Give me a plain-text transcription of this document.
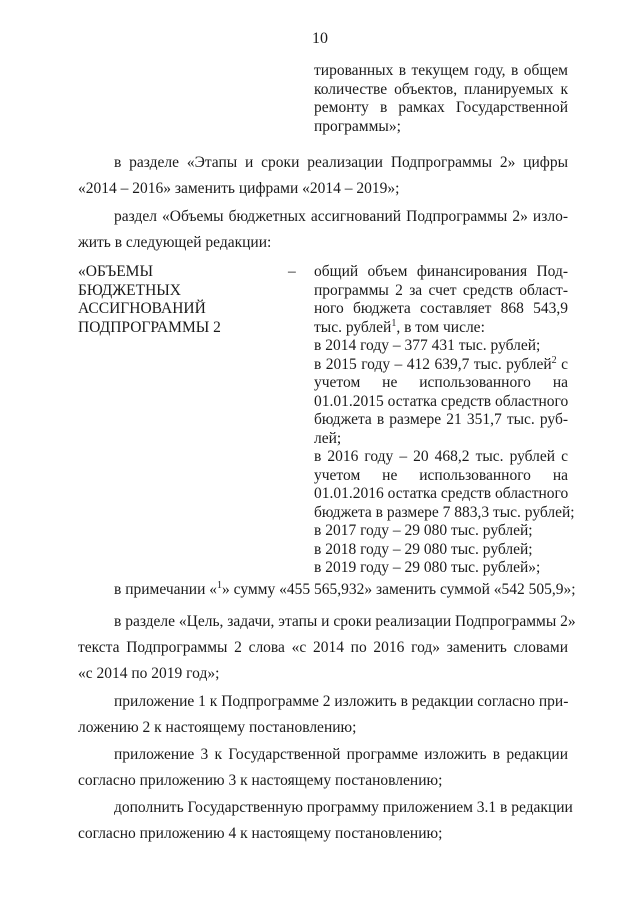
10
тированных в текущем году, в общем
количестве объектов, планируемых к
ремонту в рамках Государственной
программы»;
в разделе «Этапы и сроки реализации Подпрограммы 2» цифры
«2014 – 2016» заменить цифрами «2014 – 2019»;
раздел «Объемы бюджетных ассигнований Подпрограммы 2» изло-
жить в следующей редакции:
«ОБЪЕМЫ
БЮДЖЕТНЫХ
АССИГНОВАНИЙ
ПОДПРОГРАММЫ 2
– общий объем финансирования Под-
программы 2 за счет средств област-
ного бюджета составляет 868 543,9
тыс. рублей$^1$, в том числе:
в 2014 году – 377 431 тыс. рублей;
в 2015 году – 412 639,7 тыс. рублей$^2$ с
учетом не использованного на
01.01.2015 остатка средств областного
бюджета в размере 21 351,7 тыс. руб-
лей;
в 2016 году – 20 468,2 тыс. рублей с
учетом не использованного на
01.01.2016 остатка средств областного
бюджета в размере 7 883,3 тыс. рублей;
в 2017 году – 29 080 тыс. рублей;
в 2018 году – 29 080 тыс. рублей;
в 2019 году – 29 080 тыс. рублей»;
в примечании «$^1$» сумму «455 565,932» заменить суммой «542 505,9»;
в разделе «Цель, задачи, этапы и сроки реализации Подпрограммы 2»
текста Подпрограммы 2 слова «с 2014 по 2016 год» заменить словами
«с 2014 по 2019 год»;
приложение 1 к Подпрограмме 2 изложить в редакции согласно при-
ложению 2 к настоящему постановлению;
приложение 3 к Государственной программе изложить в редакции
согласно приложению 3 к настоящему постановлению;
дополнить Государственную программу приложением 3.1 в редакции
согласно приложению 4 к настоящему постановлению;
